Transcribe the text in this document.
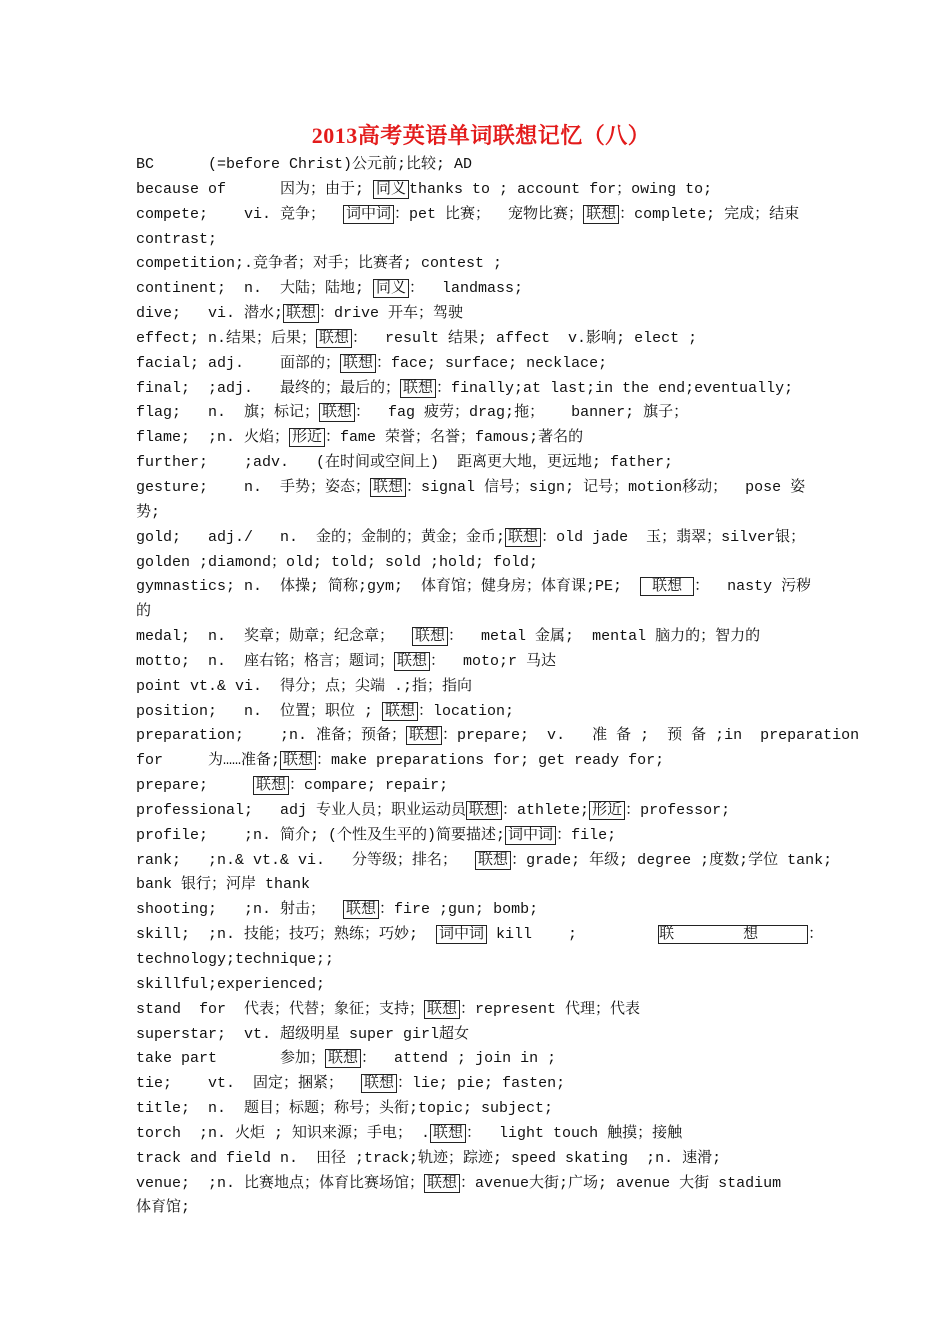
2013高考英语单词联想记忆（八）
BC      (=before Christ)公元前;比较; AD
because of      因为；由于; 同义 thanks to ; account for；owing to;
compete;    vi. 竞争；  词中词 ：pet 比赛；  宠物比赛； 联想 ：complete; 完成；结束
contrast;
competition;.竞争者；对手；比赛者; contest ;
continent;  n.  大陆；陆地; 同义 ：  landmass;
dive;   vi. 潜水; 联想 ：drive 开车；驾驶
effect; n.结果；后果； 联想 ：  result 结果; affect  v.影响; elect ;
facial; adj.    面部的； 联想 ：face; surface; necklace;
final;  ;adj.   最终的；最后的； 联想 ：finally;at last;in the end;eventually;
flag;   n.  旗；标记； 联想 ：  fag 疲劳；drag;拖；   banner; 旗子；
flame;  ;n. 火焰； 形近 ：fame 荣誉；名誉；famous;著名的
further;    ;adv.   (在时间或空间上)  距离更大地，更远地; father;
gesture;    n.  手势；姿态； 联想 ：signal 信号；sign; 记号；motion移动；  pose 姿
势;
gold;   adj./   n.  金的；金制的；黄金；金币; 联想 ：old jade  玉；翡翠；silver银；
golden ;diamond；old; told; sold ;hold; fold;
gymnastics; n.  体操; 简称;gym;  体育馆；健身房；体育课;PE;   联想 ：  nasty 污秽
的
medal;  n.  奖章；勋章；纪念章；  联想 ：  metal 金属;  mental 脑力的；智力的
motto;  n.  座右铭；格言；题词； 联想 ：  moto;r 马达
point vt.& vi.  得分；点；尖端 .;指；指向
position;   n.  位置；职位 ; 联想 ：location;
preparation;    ;n. 准备；预备； 联想 ：prepare;  v.   准 备 ;  预 备 ;in  preparation
for     为……准备; 联想 ：make preparations for; get ready for;
prepare;     联想 ：compare; repair;
professional;   adj 专业人员；职业运动员 联想 ：athlete; 形近 ：professor;
profile;    ;n. 简介; (个性及生平的)简要描述; 词中词 ：file;
rank;   ;n.& vt.& vi.   分等级；排名；  联想 ：grade; 年级; degree ;度数;学位 tank;
bank 银行；河岸 thank
shooting;   ;n. 射击；  联想 ：fire ;gun; bomb;
skill;  ;n. 技能；技巧；熟练；巧妙;  词中词 kill    ;         联 想	：
technology;technique;;
skillful;experienced;
stand  for  代表；代替；象征；支持； 联想 ：represent 代理；代表
superstar;  vt. 超级明星 super girl超女
take part       参加； 联想 ：  attend ; join in ;
tie;    vt.  固定；捆紧；  联想 ：lie; pie; fasten;
title;  n.  题目；标题；称号；头衔;topic; subject;
torch  ;n. 火炬 ; 知识来源；手电； . 联想 ：  light touch 触摸；接触
track and field n.  田径 ;track;轨迹；踪迹; speed skating  ;n. 速滑;
venue;  ;n. 比赛地点；体育比赛场馆； 联想 ：avenue大街;广场; avenue 大街 stadium
体育馆;
